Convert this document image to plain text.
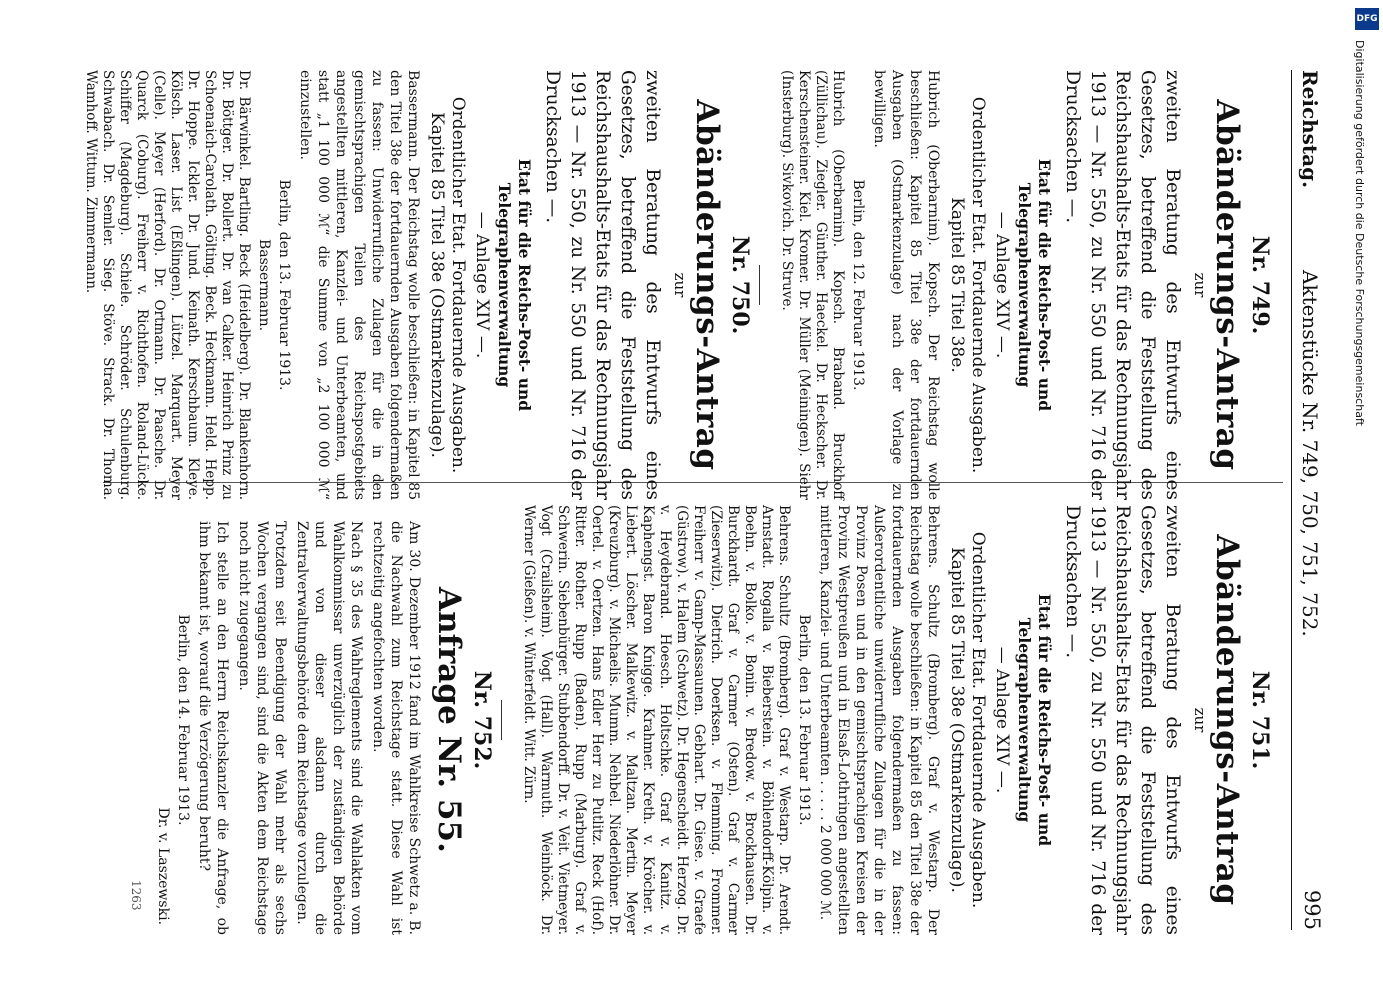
Reichstag.
Aktenstücke Nr. 749, 750, 751, 752.
995
Nr. 749.
Abänderungs-Antrag
zur
zweiten Beratung des Entwurfs eines Gesetzes, betreffend die Feststellung des Reichshaushalts-Etats für das Rechnungsjahr 1913 — Nr. 550, zu Nr. 550 und Nr. 716 der Drucksachen —.
Etat für die Reichs-Post- und Telegraphenverwaltung
— Anlage XIV —.
Ordentlicher Etat. Fortdauernde Ausgaben.
Kapitel 85 Titel 38e.
Hubrich (Oberbarnim). Kopsch. Der Reichstag wolle beschließen: Kapitel 85 Titel 38e der fortdauernden Ausgaben (Ostmarkenzulage) nach der Vorlage zu bewilligen.
Berlin, den 12. Februar 1913.
Hubrich (Oberbarnim). Kopsch. Braband. Bruckhoff (Züllichau). Ziegler. Günther. Haeckel. Dr. Heckscher. Dr. Kerschensteiner. Kiel. Kromer. Dr. Müller (Meiningen). Siehr (Insterburg). Sivkovich. Dr. Struve.
Nr. 750.
Abänderungs-Antrag
zur
zweiten Beratung des Entwurfs eines Gesetzes, betreffend die Feststellung des Reichshaushalts-Etats für das Rechnungsjahr 1913 — Nr. 550, zu Nr. 550 und Nr. 716 der Drucksachen —.
Etat für die Reichs-Post- und Telegraphenverwaltung
— Anlage XIV —.
Ordentlicher Etat. Fortdauernde Ausgaben.
Kapitel 85 Titel 38e (Ostmarkenzulage).
Bassermann. Der Reichstag wolle beschließen: in Kapitel 85 den Titel 38e der fortdauernden Ausgaben folgendermaßen zu fassen: Unwiderrufliche Zulagen für die in den gemischtsprachigen Teilen des Reichspostgebiets angestellten mittleren, Kanzlei- und Unterbeamten, und statt „1 100 000 ℳ“ die Summe von „2 100 000 ℳ“ einzustellen.
Berlin, den 13. Februar 1913.
Bassermann.
Dr. Bärwinkel. Bartling. Beck (Heidelberg). Dr. Blankenhorn. Dr. Böttger. Dr. Bollert. Dr. van Calker. Heinrich Prinz zu Schoenaich-Carolath. Gölting. Beck. Heckmann. Held. Hepp. Dr. Hoppe. Ickler. Dr. Jund. Keinath. Kerschbaum. Kleye. Kölsch. Laser. List (Eßlingen). Lützel. Marquart. Meyer (Celle). Meyer (Herford). Dr. Ortmann. Dr. Paasche. Dr. Quarck (Coburg). Freiherr v. Richthofen. Roland-Lücke. Schiffer (Magdeburg). Schiele. Schröder. Schulenburg. Schwabach. Dr. Semler. Sieg. Stöve. Strack. Dr. Thoma. Wamhoff. Wittum. Zimmermann.
Nr. 751.
Abänderungs-Antrag
zur
zweiten Beratung des Entwurfs eines Gesetzes, betreffend die Feststellung des Reichshaushalts-Etats für das Rechnungsjahr 1913 — Nr. 550, zu Nr. 550 und Nr. 716 der Drucksachen —.
Etat für die Reichs-Post- und Telegraphenverwaltung
— Anlage XIV —.
Ordentlicher Etat. Fortdauernde Ausgaben.
Kapitel 85 Titel 38e (Ostmarkenzulage).
Behrens. Schultz (Bromberg). Graf v. Westarp. Der Reichstag wolle beschließen: in Kapitel 85 den Titel 38e der fortdauernden Ausgaben folgendermaßen zu fassen: Außerordentliche unwiderrufliche Zulagen für die in der Provinz Posen und in den gemischtsprachigen Kreisen der Provinz Westpreußen und in Elsaß-Lothringen angestellten mittleren, Kanzlei- und Unterbeamten . . . . . 2 000 000 ℳ.
Berlin, den 13. Februar 1913.
Behrens. Schultz (Bromberg). Graf v. Westarp. Dr. Arendt. Arnstadt. Rogalla v. Bieberstein. v. Böhlendorff-Kölpin. v. Boehn. v. Bolko. v. Bonin. v. Bredow. v. Brockhausen. Dr. Burckhardt. Graf v. Carmer (Osten). Graf v. Carmer (Zieserwitz). Dietrich. Doerksen. v. Flemming. Frommer. Freiherr v. Gamp-Massaunen. Gebhart. Dr. Giese. v. Graefe (Güstrow). v. Halem (Schwetz). Dr. Hegenscheidt. Herzog. Dr. v. Heydebrand. Hoesch. Holtschke. Graf v. Kanitz. v. Kaphengst. Baron Knigge. Krahmer. Kreth. v. Kröcher. v. Liebert. Löscher. Malkewitz. v. Maltzan. Mertin. Meyer (Kreuzburg). v. Michaelis. Mumm. Nehbel. Niederlöhner. Dr. Oertel. v. Oertzen. Hans Edler Herr zu Putlitz. Reck (Hof). Ritter. Rother. Rupp (Baden). Rupp (Marburg). Graf v. Schwerin. Siebenbürger. Stubbendorff. Dr. v. Veit. Vietmeyer. Vogt (Crailsheim). Vogt (Hall). Warmuth. Weinhöck. Dr. Werner (Gießen). v. Winterfeldt. Witt. Zürn.
Nr. 752.
Anfrage Nr. 55.
Am 30. Dezember 1912 fand im Wahlkreise Schwetz a. B. die Nachwahl zum Reichstage statt. Diese Wahl ist rechtzeitig angefochten worden.
Nach § 35 des Wahlreglements sind die Wahlakten vom Wahlkommissar unverzüglich der zuständigen Behörde und von dieser alsdann durch die Zentralverwaltungsbehörde dem Reichstage vorzulegen.
Trotzdem seit Beendigung der Wahl mehr als sechs Wochen vergangen sind, sind die Akten dem Reichstage noch nicht zugegangen.
Ich stelle an den Herrn Reichskanzler die Anfrage, ob ihm bekannt ist, worauf die Verzögerung beruht?
Berlin, den 14. Februar 1913.
Dr. v. Laszewski.
1263
DFG
Digitalisierung gefördert durch die Deutsche Forschungsgemeinschaft
